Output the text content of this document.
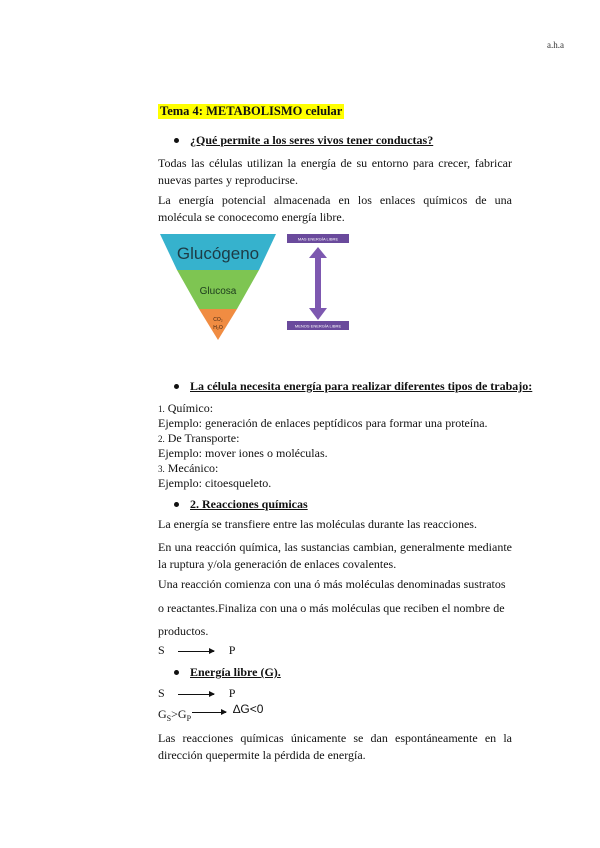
a.h.a
Tema 4: METABOLISMO celular
¿Qué permite a los seres vivos tener conductas?
Todas las células utilizan la energía de su entorno para crecer, fabricar nuevas partes y reproducirse.
La energía potencial almacenada en los enlaces químicos de una molécula se conocecomo energía libre.
Glucógeno
Glucosa
CO₂
H₂O
MAS ENERGÍA LIBRE
MENOS ENERGÍA LIBRE
La célula necesita energía para realizar diferentes tipos de trabajo:
1. Químico:
Ejemplo: generación de enlaces peptídicos para formar una proteína.
2. De Transporte:
Ejemplo: mover iones o moléculas.
3. Mecánico:
Ejemplo: citoesqueleto.
2. Reacciones químicas
La energía se transfiere entre las moléculas durante las reacciones.
En una reacción química, las sustancias cambian, generalmente mediante la ruptura y/ola generación de enlaces covalentes.
Una reacción comienza con una ó más moléculas denominadas sustratos
o reactantes.Finaliza con una o más moléculas que reciben el nombre de
productos.
S	P
Energía libre (G).
S	P
$G_S>G_P$  ∆G<0
Las reacciones químicas únicamente se dan espontáneamente en la dirección quepermite la pérdida de energía.
